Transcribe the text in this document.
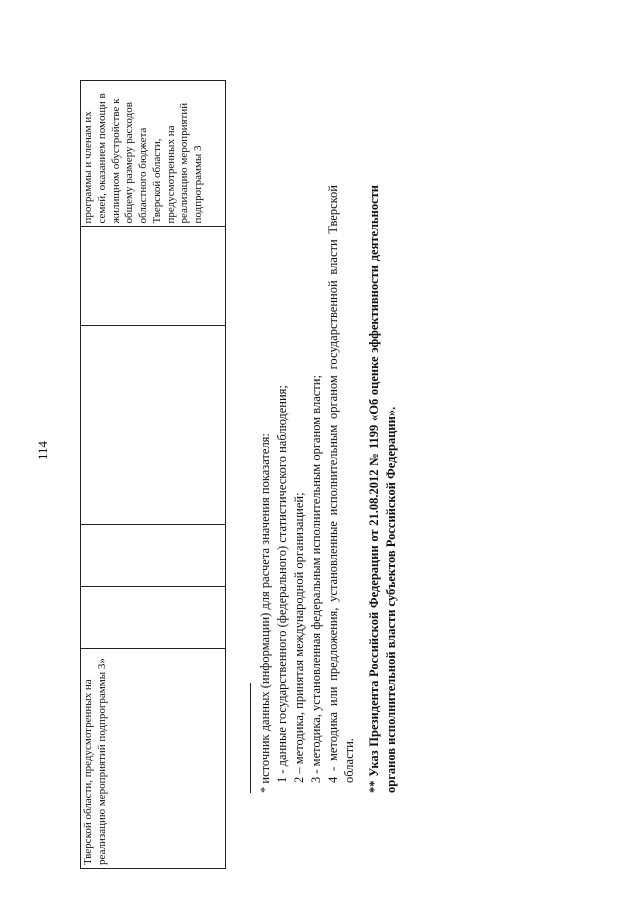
114
Тверской области, предусмотренных на реализацию мероприятий подпрограммы 3»					программы и членам их семей, оказанием помощи в жилищном обустройстве к общему размеру расходов областного бюджета Тверской области, предусмотренных на реализацию мероприятий подпрограммы 3

* источник данных (информации) для расчета значения показателя: 1 - данные государственного (федерального) статистического наблюдения; 2 – методика, принятая международной организацией; 3 - методика, установленная федеральным исполнительным органом власти; 4 - методика или предложения, установленные исполнительным органом государственной власти Тверской области. ** Указ Президента Российской Федерации от 21.08.2012 № 1199 «Об оценке эффективности деятельности органов исполнительной власти субъектов Российской Федерации».
